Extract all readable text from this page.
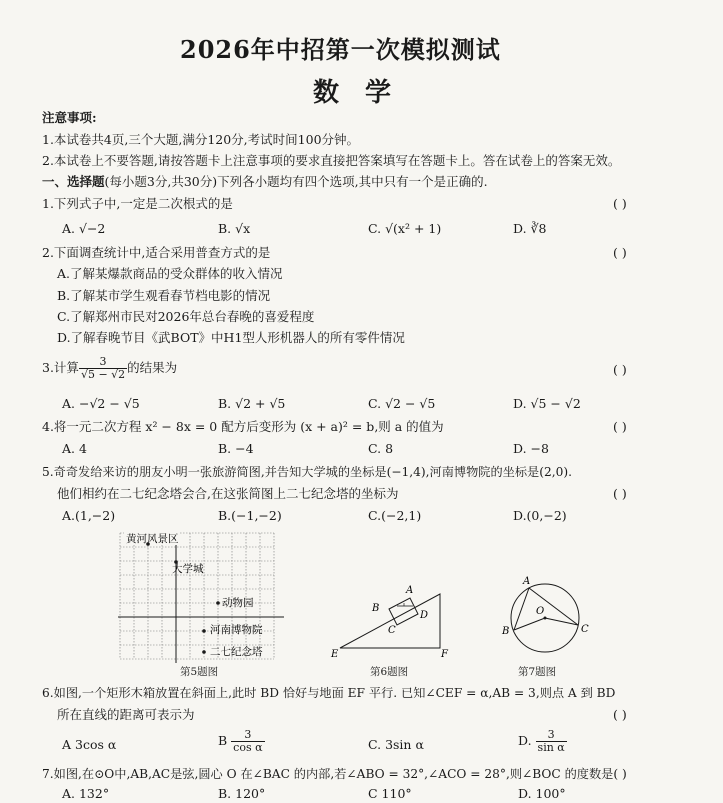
2026年中招第一次模拟测试
数学
注意事项:
1.本试卷共4页,三个大题,满分120分,考试时间100分钟。
2.本试卷上不要答题,请按答题卡上注意事项的要求直接把答案填写在答题卡上。答在试卷上的答案无效。
一、选择题(每小题3分,共30分)下列各小题均有四个选项,其中只有一个是正确的.
1.下列式子中,一定是二次根式的是	( )
A. √−2	B. √x	C. √(x² + 1)	D. ∛8
2.下面调查统计中,适合采用普查方式的是	( )
A.了解某爆款商品的受众群体的收入情况
B.了解某市学生观看春节档电影的情况
C.了解郑州市民对2026年总台春晚的喜爱程度
D.了解春晚节目《武BOT》中H1型人形机器人的所有零件情况
3.计算 $\frac{3}{√5 - √2}$ 的结果为	( )
A. −√2 − √5	B. √2 + √5	C. √2 − √5	D. √5 − √2
4.将一元二次方程 x² − 8x = 0 配方后变形为 (x + a)² = b,则 a 的值为	( )
A. 4	B. −4	C. 8	D. −8
5.奇奇发给来访的朋友小明一张旅游简图,并告知大学城的坐标是(−1,4),河南博物院的坐标是(2,0).
他们相约在二七纪念塔会合,在这张简图上二七纪念塔的坐标为	( )
A.(1,−2)	B.(−1,−2)	C.(−2,1)	D.(0,−2)
黄河风景区
大学城
动物园
河南博物院
二七纪念塔
第5题图
A
B
C
D
E	F
第6题图
A
B
O
C
第7题图
6.如图,一个矩形木箱放置在斜面上,此时 BD 恰好与地面 EF 平行. 已知∠CEF = α,AB = 3,则点 A 到 BD
所在直线的距离可表示为	( )
A 3cos α	B $\frac{3}{\text{cos α}}$	C. 3sin α	D. $\frac{3}{\text{sin α}}$
7.如图,在⊙O中,AB,AC是弦,圆心 O 在∠BAC 的内部,若∠ABO = 32°,∠ACO = 28°,则∠BOC 的度数是( )
A. 132°	B. 120°	C 110°	D. 100°
